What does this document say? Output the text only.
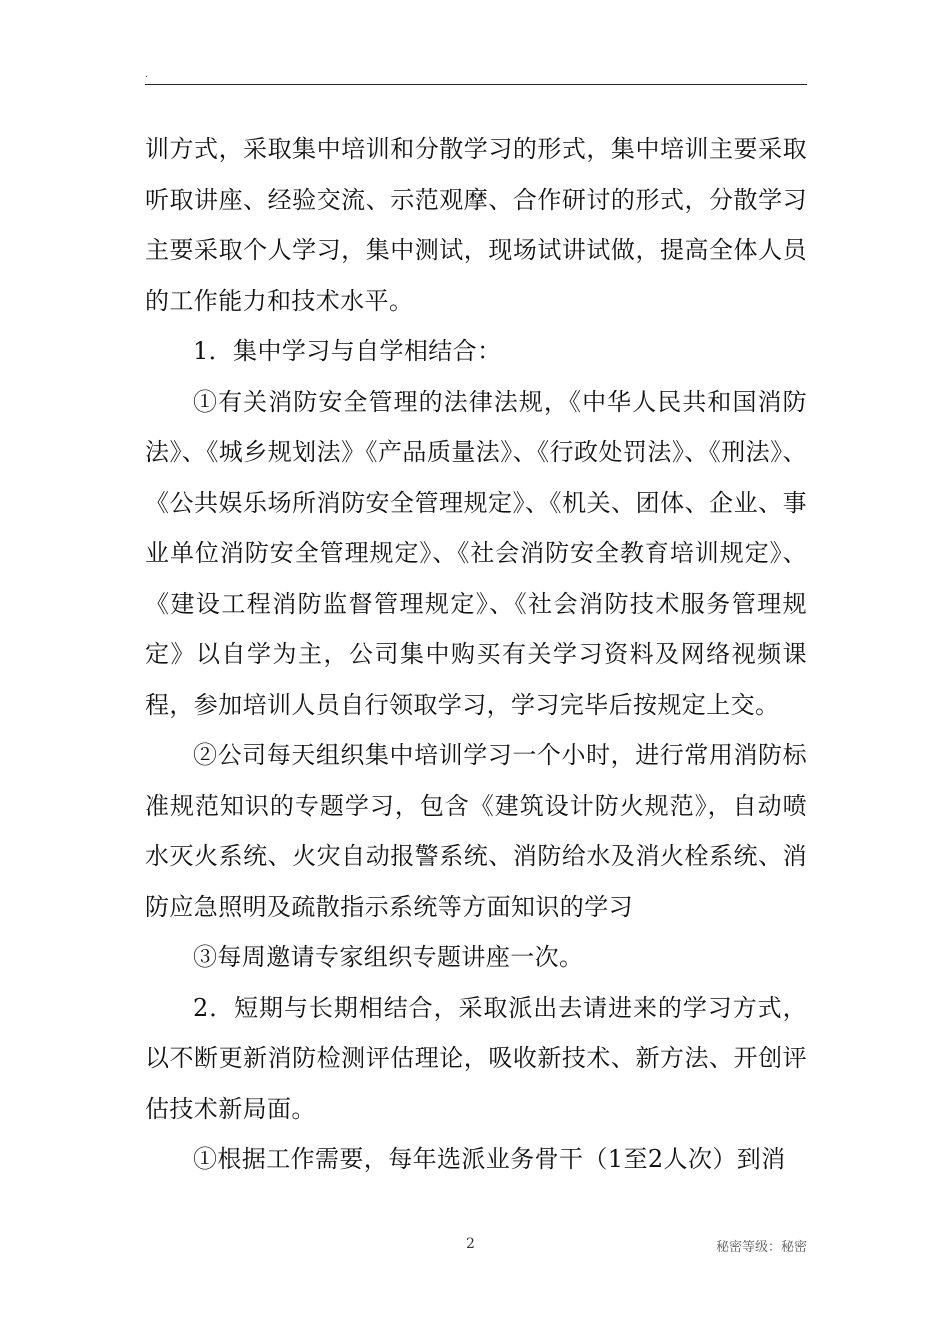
.

训方式，采取集中培训和分散学习的形式，集中培训主要采取听取讲座、经验交流、示范观摩、合作研讨的形式，分散学习主要采取个人学习，集中测试，现场试讲试做，提高全体人员的工作能力和技术水平。

1．集中学习与自学相结合：

①有关消防安全管理的法律法规，《中华人民共和国消防法》、《城乡规划法》《产品质量法》、《行政处罚法》、《刑法》、《公共娱乐场所消防安全管理规定》、《机关、团体、企业、事业单位消防安全管理规定》、《社会消防安全教育培训规定》、《建设工程消防监督管理规定》、《社会消防技术服务管理规定》以自学为主，公司集中购买有关学习资料及网络视频课程，参加培训人员自行领取学习，学习完毕后按规定上交。

②公司每天组织集中培训学习一个小时，进行常用消防标准规范知识的专题学习，包含《建筑设计防火规范》，自动喷水灭火系统、火灾自动报警系统、消防给水及消火栓系统、消防应急照明及疏散指示系统等方面知识的学习

③每周邀请专家组织专题讲座一次。

2．短期与长期相结合，采取派出去请进来的学习方式，以不断更新消防检测评估理论，吸收新技术、新方法、开创评估技术新局面。

①根据工作需要，每年选派业务骨干（1至2人次）到消

2	秘密等级：秘密
